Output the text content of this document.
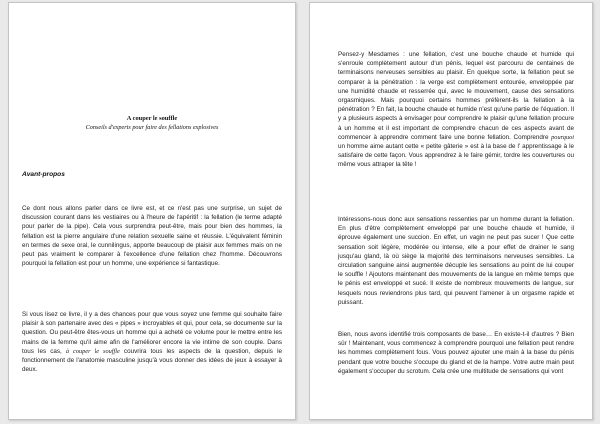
A couper le souffle
Conseils d'experts pour faire des fellations explosives
Avant-propos

Ce dont nous allons parler dans ce livre est, et ce n'est pas une surprise, un sujet de discussion courant dans les vestiaires ou à l'heure de l'apéritif : la fellation (le terme adapté pour parler de la pipe). Cela vous surprendra peut-être, mais pour bien des hommes, la fellation est la pierre angulaire d'une relation sexuelle saine et réussie. L'équivalent féminin en termes de sexe oral, le cunnilingus, apporte beaucoup de plaisir aux femmes mais on ne peut pas vraiment le comparer à l'excellence d'une fellation chez l'homme. Découvrons pourquoi la fellation est pour un homme, une expérience si fantastique.

Si vous lisez ce livre, il y a des chances pour que vous soyez une femme qui souhaite faire plaisir à son partenaire avec des « pipes » incroyables et qui, pour cela, se documente sur la question. Ou peut-être êtes-vous un homme qui a acheté ce volume pour le mettre entre les mains de la femme qu'il aime afin de l'améliorer encore la vie intime de son couple. Dans tous les cas, à couper le souffle couvrira tous les aspects de la question, depuis le fonctionnement de l'anatomie masculine jusqu'à vous donner des idées de jeux à essayer à deux.

Pensez-y Mesdames : une fellation, c'est une bouche chaude et humide qui s'enroule complètement autour d'un pénis, lequel est parcouru de centaines de terminaisons nerveuses sensibles au plaisir. En quelque sorte, la fellation peut se comparer à la pénétration : la verge est complètement entourée, enveloppée par une humidité chaude et resserrée qui, avec le mouvement, cause des sensations orgasmiques. Mais pourquoi certains hommes préfèrent-ils la fellation à la pénétration ? En fait, la bouche chaude et humide n'est qu'une partie de l'équation. Il y a plusieurs aspects à envisager pour comprendre le plaisir qu'une fellation procure à un homme et il est important de comprendre chacun de ces aspects avant de commencer à apprendre comment faire une bonne fellation. Comprendre pourquoi un homme aime autant cette « petite gâterie » est à la base de l' apprentissage à le satisfaire de cette façon. Vous apprendrez à le faire gémir, tordre les couvertures ou même vous attraper la tête !

Intéressons-nous donc aux sensations ressenties par un homme durant la fellation. En plus d'être complètement enveloppé par une bouche chaude et humide, il éprouve également une succion. En effet, un vagin ne peut pas sucer ! Que cette sensation soit légère, modérée ou intense, elle a pour effet de drainer le sang jusqu'au gland, là où siège la majorité des terminaisons nerveuses sensibles. La circulation sanguine ainsi augmentée décuple les sensations au point de lui couper le souffle ! Ajoutons maintenant des mouvements de la langue en même temps que le pénis est enveloppé et sucé. Il existe de nombreux mouvements de langue, sur lesquels nous reviendrons plus tard, qui peuvent l'amener à un orgasme rapide et puissant.

Bien, nous avons identifié trois composants de base… En existe-t-il d'autres ? Bien sûr ! Maintenant, vous commencez à comprendre pourquoi une fellation peut rendre les hommes complètement fous. Vous pouvez ajouter une main à la base du pénis pendant que votre bouche s'occupe du gland et de la hampe. Votre autre main peut également s'occuper du scrotum. Cela crée une multitude de sensations qui vont
